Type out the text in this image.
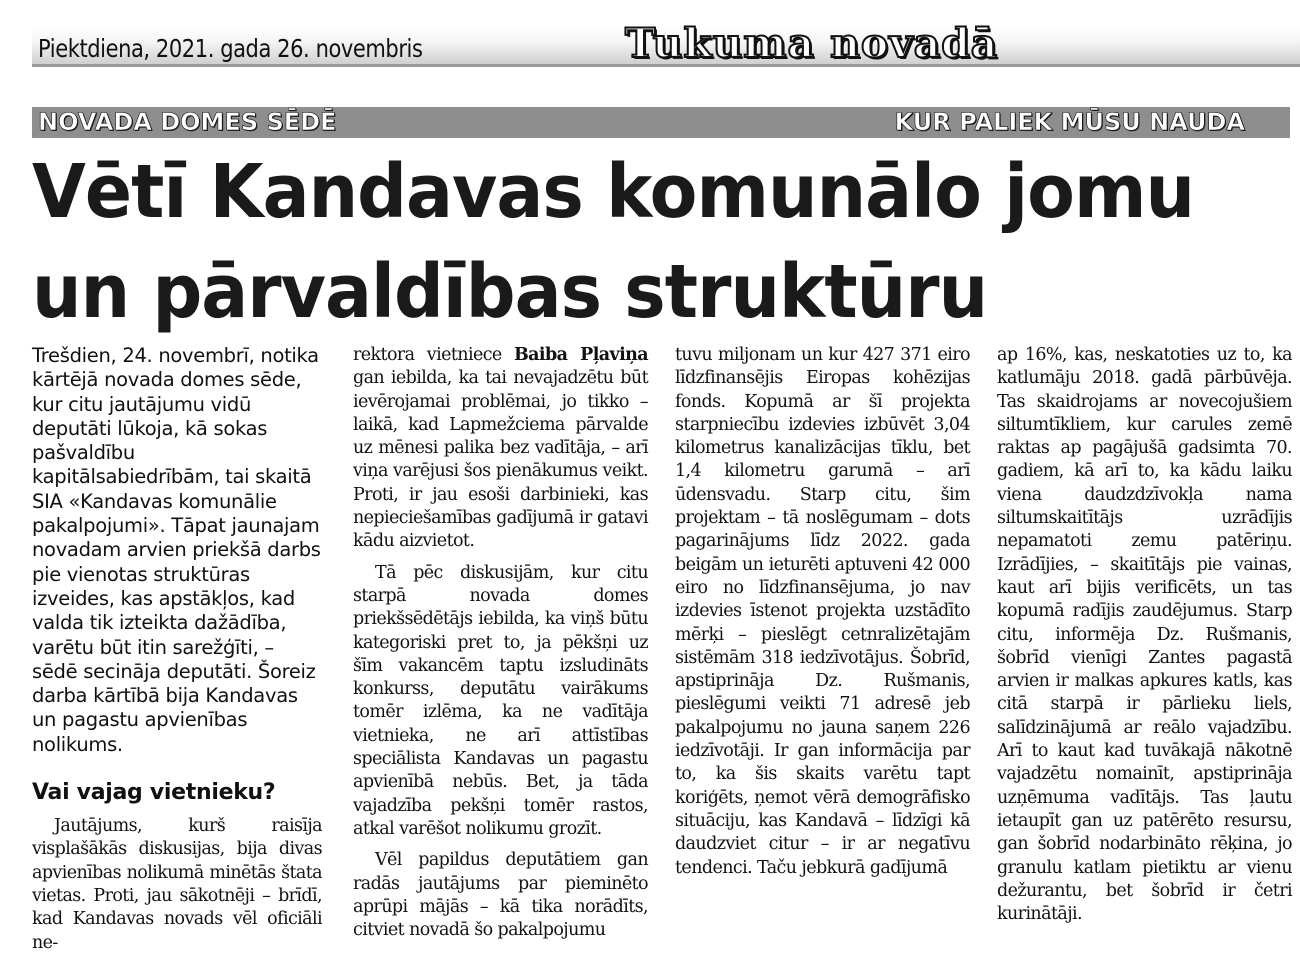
Piektdiena, 2021. gada 26. novembris	Tukuma novadā
NOVADA DOMES SĒDĒ	KUR PALIEK MŪSU NAUDA
Vētī Kandavas komunālo jomu
un pārvaldības struktūru

Trešdien, 24. novembrī, notika kārtējā novada domes sēde, kur citu jautājumu vidū deputāti lūkoja, kā sokas pašvaldību kapitālsabiedrībām, tai skaitā SIA «Kandavas komunālie pakalpojumi». Tāpat jaunajam novadam arvien priekšā darbs pie vienotas struktūras izveides, kas apstākļos, kad valda tik izteikta dažādība, varētu būt itin sarežģīti, – sēdē secināja deputāti. Šoreiz darba kārtībā bija Kandavas un pagastu apvienības nolikums.

Vai vajag vietnieku?

Jautājums, kurš raisīja visplašākās diskusijas, bija divas apvienības nolikumā minētās štata vietas. Proti, jau sākotnēji – brīdī, kad Kandavas novads vēl oficiāli ne-

rektora vietniece Baiba Pļaviņa gan iebilda, ka tai nevajadzētu būt ievērojamai problēmai, jo tikko – laikā, kad Lapmežciema pārvalde uz mēnesi palika bez vadītāja, – arī viņa varējusi šos pienākumus veikt. Proti, ir jau esoši darbinieki, kas nepieciešamības gadījumā ir gatavi kādu aizvietot.

Tā pēc diskusijām, kur citu starpā novada domes priekšsēdētājs iebilda, ka viņš būtu kategoriski pret to, ja pēkšņi uz šīm vakancēm taptu izsludināts konkurss, deputātu vairākums tomēr izlēma, ka ne vadītāja vietnieka, ne arī attīstības speciālista Kandavas un pagastu apvienībā nebūs. Bet, ja tāda vajadzība pekšņi tomēr rastos, atkal varēšot nolikumu grozīt.

Vēl papildus deputātiem gan radās jautājums par pieminēto aprūpi mājās – kā tika norādīts, citviet novadā šo pakalpojumu

tuvu miljonam un kur 427 371 eiro līdzfinansējis Eiropas kohēzijas fonds. Kopumā ar šī projekta starpniecību izdevies izbūvēt 3,04 kilometrus kanalizācijas tīklu, bet 1,4 kilometru garumā – arī ūdensvadu. Starp citu, šim projektam – tā noslēgumam – dots pagarinājums līdz 2022. gada beigām un ieturēti aptuveni 42 000 eiro no līdzfinansējuma, jo nav izdevies īstenot projekta uzstādīto mērķi – pieslēgt cetnralizētajām sistēmām 318 iedzīvotājus. Šobrīd, apstiprināja Dz. Rušmanis, pieslēgumi veikti 71 adresē jeb pakalpojumu no jauna saņem 226 iedzīvotāji. Ir gan informācija par to, ka šis skaits varētu tapt koriģēts, ņemot vērā demogrāfisko situāciju, kas Kandavā – līdzīgi kā daudzviet citur – ir ar negatīvu tendenci. Taču jebkurā gadījumā

ap 16%, kas, neskatoties uz to, ka katlumāju 2018. gadā pārbūvēja. Tas skaidrojams ar novecojušiem siltumtīkliem, kur carules zemē raktas ap pagājušā gadsimta 70. gadiem, kā arī to, ka kādu laiku viena daudzdzīvokļa nama siltumskaitītājs uzrādījis nepamatoti zemu patēriņu. Izrādījies, – skaitītājs pie vainas, kaut arī bijis verificēts, un tas kopumā radījis zaudējumus. Starp citu, informēja Dz. Rušmanis, šobrīd vienīgi Zantes pagastā arvien ir malkas apkures katls, kas citā starpā ir pārlieku liels, salīdzinājumā ar reālo vajadzību. Arī to kaut kad tuvākajā nākotnē vajadzētu nomainīt, apstiprināja uzņēmuma vadītājs. Tas ļautu ietaupīt gan uz patērēto resursu, gan šobrīd nodarbināto rēķina, jo granulu katlam pietiktu ar vienu dežurantu, bet šobrīd ir četri kurinātāji.
